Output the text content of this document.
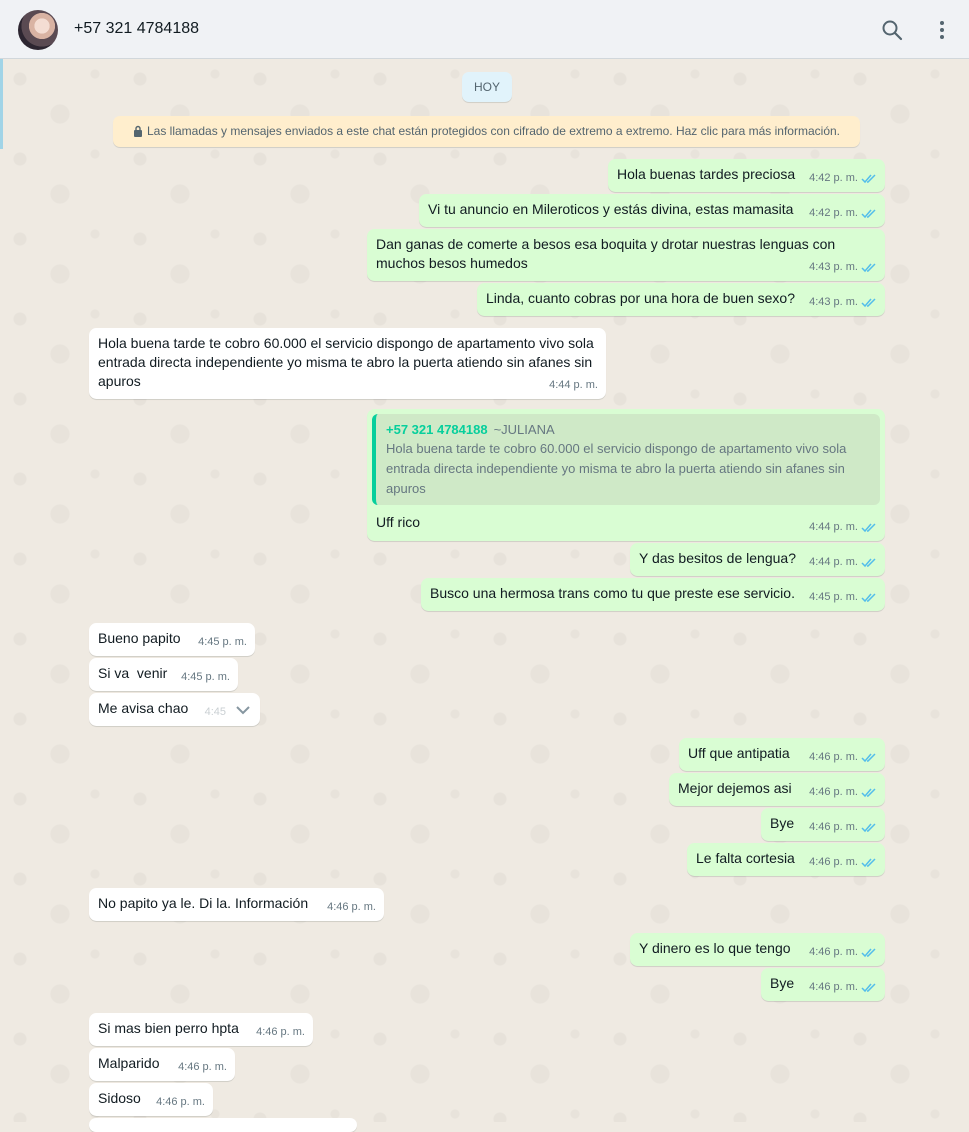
+57 321 4784188
HOY
Las llamadas y mensajes enviados a este chat están protegidos con cifrado de extremo a extremo. Haz clic para más información.
Hola buenas tardes preciosa	4:42 p. m.
Vi tu anuncio en Mileroticos y estás divina, estas mamasita	4:42 p. m.
Dan ganas de comerte a besos esa boquita y drotar nuestras lenguas con muchos besos humedos	4:43 p. m.
Linda, cuanto cobras por una hora de buen sexo?	4:43 p. m.
Hola buena tarde te cobro 60.000 el servicio dispongo de apartamento vivo sola entrada directa independiente yo misma te abro la puerta atiendo sin afanes sin apuros	4:44 p. m.
+57 321 4784188 ~JULIANA
Hola buena tarde te cobro 60.000 el servicio dispongo de apartamento vivo sola entrada directa independiente yo misma te abro la puerta atiendo sin afanes sin apuros
Uff rico	4:44 p. m.
Y das besitos de lengua?	4:44 p. m.
Busco una hermosa trans como tu que preste ese servicio.	4:45 p. m.
Bueno papito	4:45 p. m.
Si va  venir	4:45 p. m.
Me avisa chao	4:45
Uff que antipatia	4:46 p. m.
Mejor dejemos asi	4:46 p. m.
Bye	4:46 p. m.
Le falta cortesia	4:46 p. m.
No papito ya le. Di la. Información	4:46 p. m.
Y dinero es lo que tengo	4:46 p. m.
Bye	4:46 p. m.
Si mas bien perro hpta	4:46 p. m.
Malparido	4:46 p. m.
Sidoso	4:46 p. m.
